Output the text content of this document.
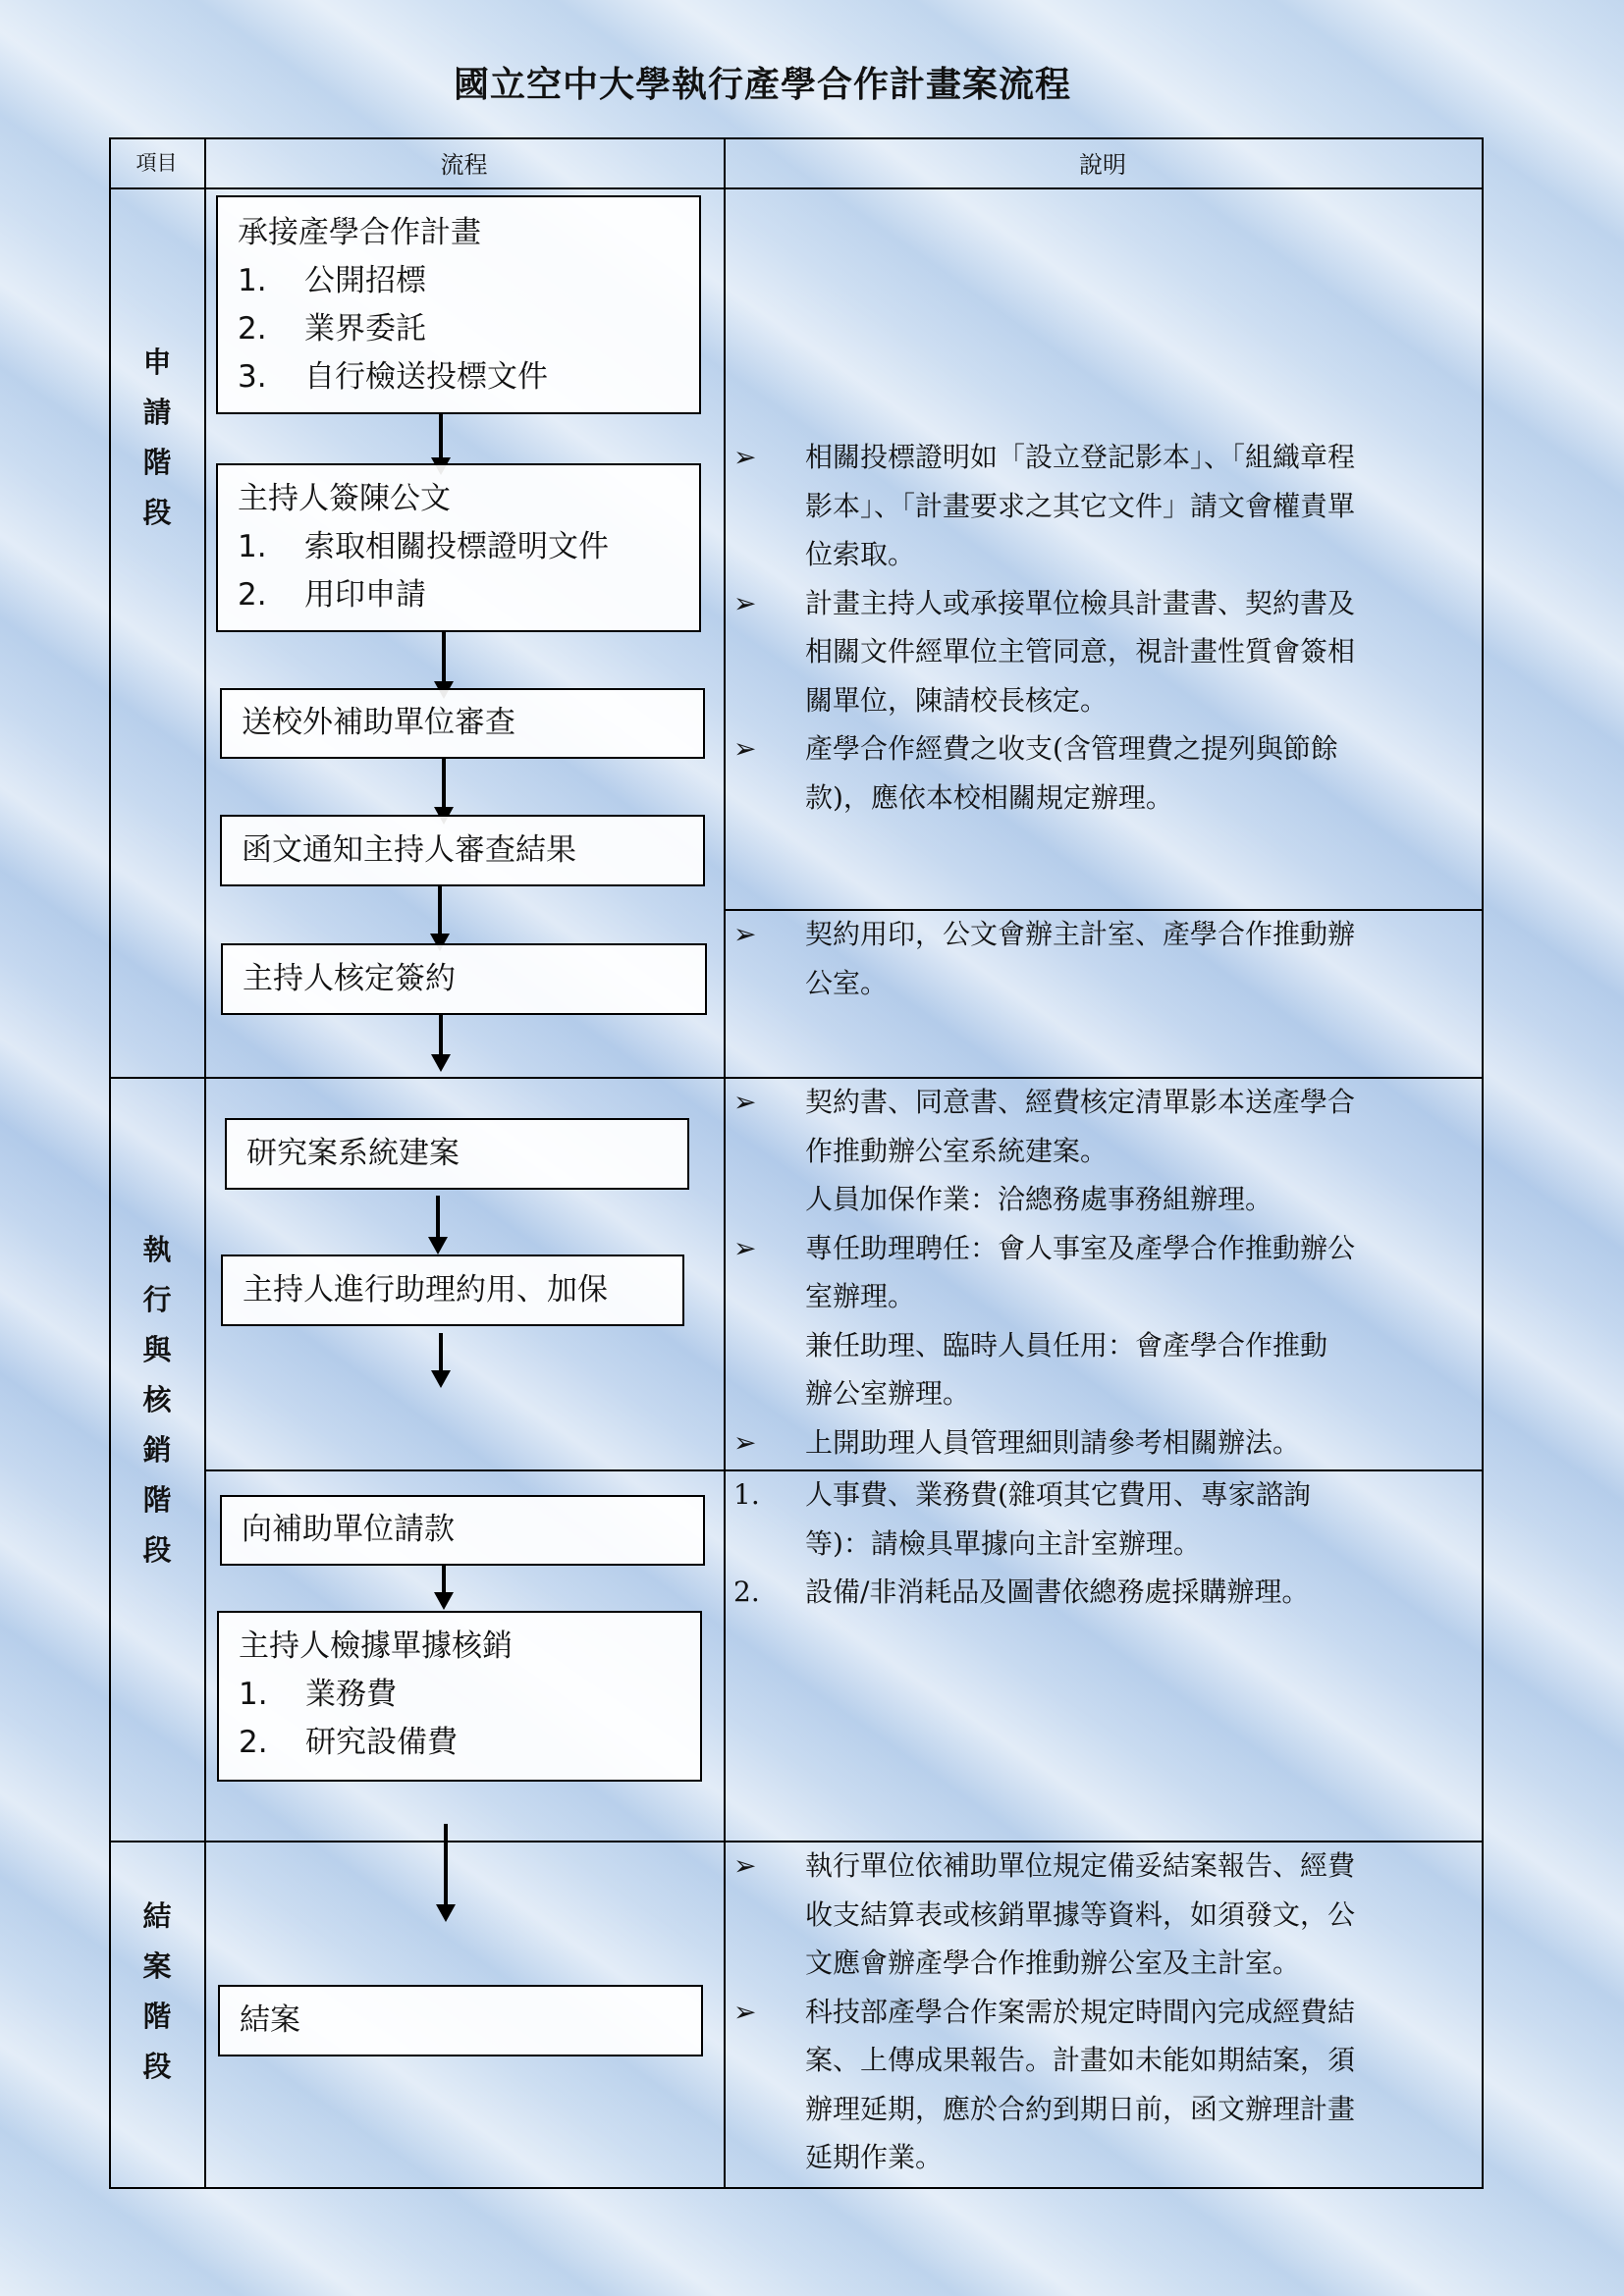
國立空中大學執行產學合作計畫案流程
項目	流程	說明
申
請
階
段
執
行
與
核
銷
階
段
結
案
階
段
承接產學合作計畫
1. 公開招標
2. 業界委託
3. 自行檢送投標文件
主持人簽陳公文
1. 索取相關投標證明文件
2. 用印申請
送校外補助單位審查
函文通知主持人審查結果
主持人核定簽約
研究案系統建案
主持人進行助理約用、加保
向補助單位請款
主持人檢據單據核銷
1. 業務費
2. 研究設備費
結案
➢ 相關投標證明如「設立登記影本」、「組織章程
影本」、「計畫要求之其它文件」請文會權責單
位索取。
➢ 計畫主持人或承接單位檢具計畫書、契約書及
相關文件經單位主管同意，視計畫性質會簽相
關單位，陳請校長核定。
➢ 產學合作經費之收支(含管理費之提列與節餘
款)，應依本校相關規定辦理。
➢ 契約用印，公文會辦主計室、產學合作推動辦
公室。
➢ 契約書、同意書、經費核定清單影本送產學合
作推動辦公室系統建案。
人員加保作業：洽總務處事務組辦理。
➢ 專任助理聘任：會人事室及產學合作推動辦公
室辦理。
兼任助理、臨時人員任用：會產學合作推動
辦公室辦理。
➢ 上開助理人員管理細則請參考相關辦法。
1. 人事費、業務費(雜項其它費用、專家諮詢
等)：請檢具單據向主計室辦理。
2. 設備/非消耗品及圖書依總務處採購辦理。
➢ 執行單位依補助單位規定備妥結案報告、經費
收支結算表或核銷單據等資料，如須發文，公
文應會辦產學合作推動辦公室及主計室。
➢ 科技部產學合作案需於規定時間內完成經費結
案、上傳成果報告。計畫如未能如期結案，須
辦理延期，應於合約到期日前，函文辦理計畫
延期作業。
